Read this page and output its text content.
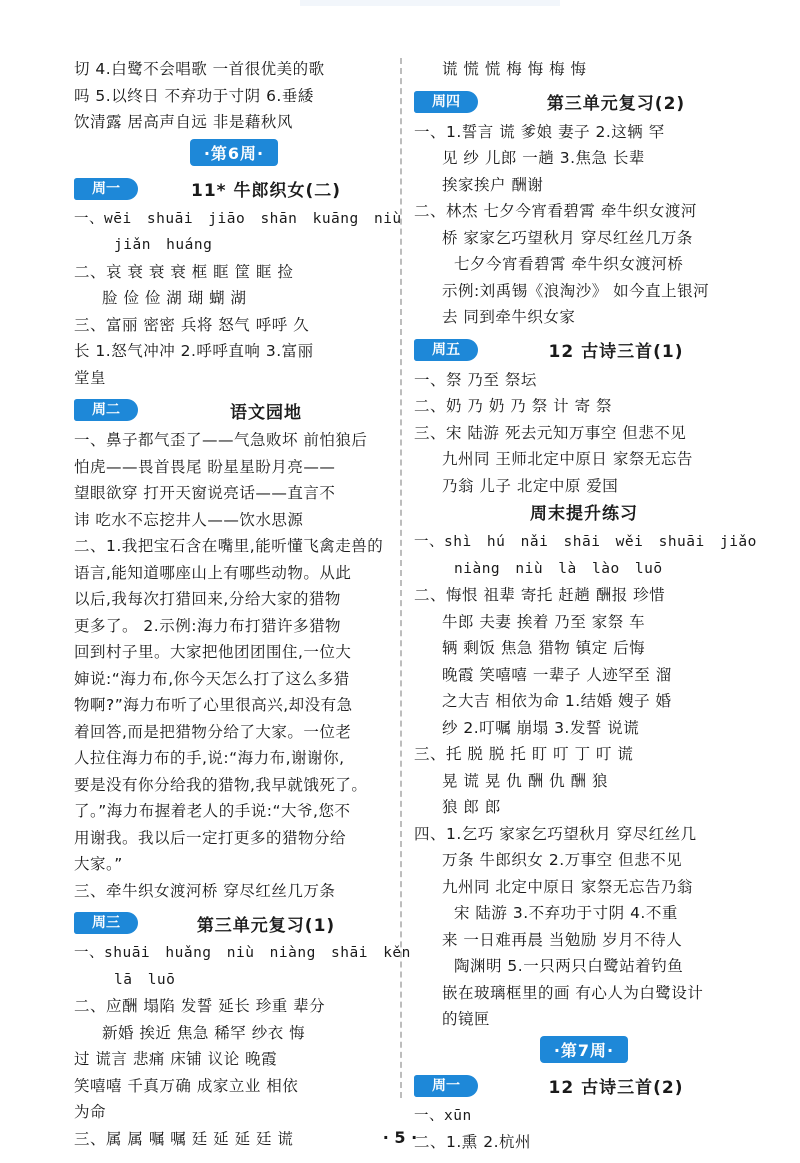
切 4.白鹭不会唱歌 一首很优美的歌
吗 5.以终日 不弃功于寸阴 6.垂緌
饮清露 居高声自远 非是藉秋风
·第6周·
周一	11* 牛郎织女(二)
一、wēi shuāi jiāo shān kuāng niù
jiǎn huáng
二、哀 衰 衰 衰 框 眶 筐 眶 捡
脸 俭 俭 湖 瑚 蝴 湖
三、富丽 密密 兵将 怒气 呼呼 久
长 1.怒气冲冲 2.呼呼直响 3.富丽
堂皇
周二	语文园地
一、鼻子都气歪了——气急败坏 前怕狼后
怕虎——畏首畏尾 盼星星盼月亮——
望眼欲穿 打开天窗说亮话——直言不
讳 吃水不忘挖井人——饮水思源
二、1.我把宝石含在嘴里,能听懂飞禽走兽的
语言,能知道哪座山上有哪些动物。从此
以后,我每次打猎回来,分给大家的猎物
更多了。 2.示例:海力布打猎许多猎物
回到村子里。大家把他团团围住,一位大
婶说:“海力布,你今天怎么打了这么多猎
物啊?”海力布听了心里很高兴,却没有急
着回答,而是把猎物分给了大家。一位老
人拉住海力布的手,说:“海力布,谢谢你,
要是没有你分给我的猎物,我早就饿死了。
了。”海力布握着老人的手说:“大爷,您不
用谢我。我以后一定打更多的猎物分给
大家。”
三、牵牛织女渡河桥 穿尽红丝几万条
周三	第三单元复习(1)
一、shuāi huǎng niù niàng shāi kěn
lā luō
二、应酬 塌陷 发誓 延长 珍重 辈分
新婚 挨近 焦急 稀罕 纱衣 悔
过 谎言 悲痛 床铺 议论 晚霞
笑嘻嘻 千真万确 成家立业 相依
为命
三、属 属 嘱 嘱 廷 延 延 廷 谎
谎 慌 慌 梅 悔 梅 悔
周四	第三单元复习(2)
一、1.誓言 谎 爹娘 妻子 2.这辆 罕
见 纱 儿郎 一趟 3.焦急 长辈
挨家挨户 酬谢
二、林杰 七夕今宵看碧霄 牵牛织女渡河
桥 家家乞巧望秋月 穿尽红丝几万条
七夕今宵看碧霄 牵牛织女渡河桥
示例:刘禹锡《浪淘沙》 如今直上银河
去 同到牵牛织女家
周五	12 古诗三首(1)
一、祭 乃至 祭坛
二、奶 乃 奶 乃 祭 计 寄 祭
三、宋 陆游 死去元知万事空 但悲不见
九州同 王师北定中原日 家祭无忘告
乃翁 儿子 北定中原 爱国
周末提升练习
一、shì hú nǎi shāi wěi shuāi jiǎo
niàng niù là lào luō
二、悔恨 祖辈 寄托 赶趟 酬报 珍惜
牛郎 夫妻 挨着 乃至 家祭 车
辆 剩饭 焦急 猎物 镇定 后悔
晚霞 笑嘻嘻 一辈子 人迹罕至 溜
之大吉 相依为命 1.结婚 嫂子 婚
纱 2.叮嘱 崩塌 3.发誓 说谎
三、托 脱 脱 托 盯 叮 丁 叮 谎
晃 谎 晃 仇 酬 仇 酬 狼
狼 郎 郎
四、1.乞巧 家家乞巧望秋月 穿尽红丝几
万条 牛郎织女 2.万事空 但悲不见
九州同 北定中原日 家祭无忘告乃翁
宋 陆游 3.不弃功于寸阴 4.不重
来 一日难再晨 当勉励 岁月不待人
陶渊明 5.一只两只白鹭站着钓鱼
嵌在玻璃框里的画 有心人为白鹭设计
的镜匣
·第7周·
周一	12 古诗三首(2)
一、xūn
二、1.熏 2.杭州
· 5 ·
